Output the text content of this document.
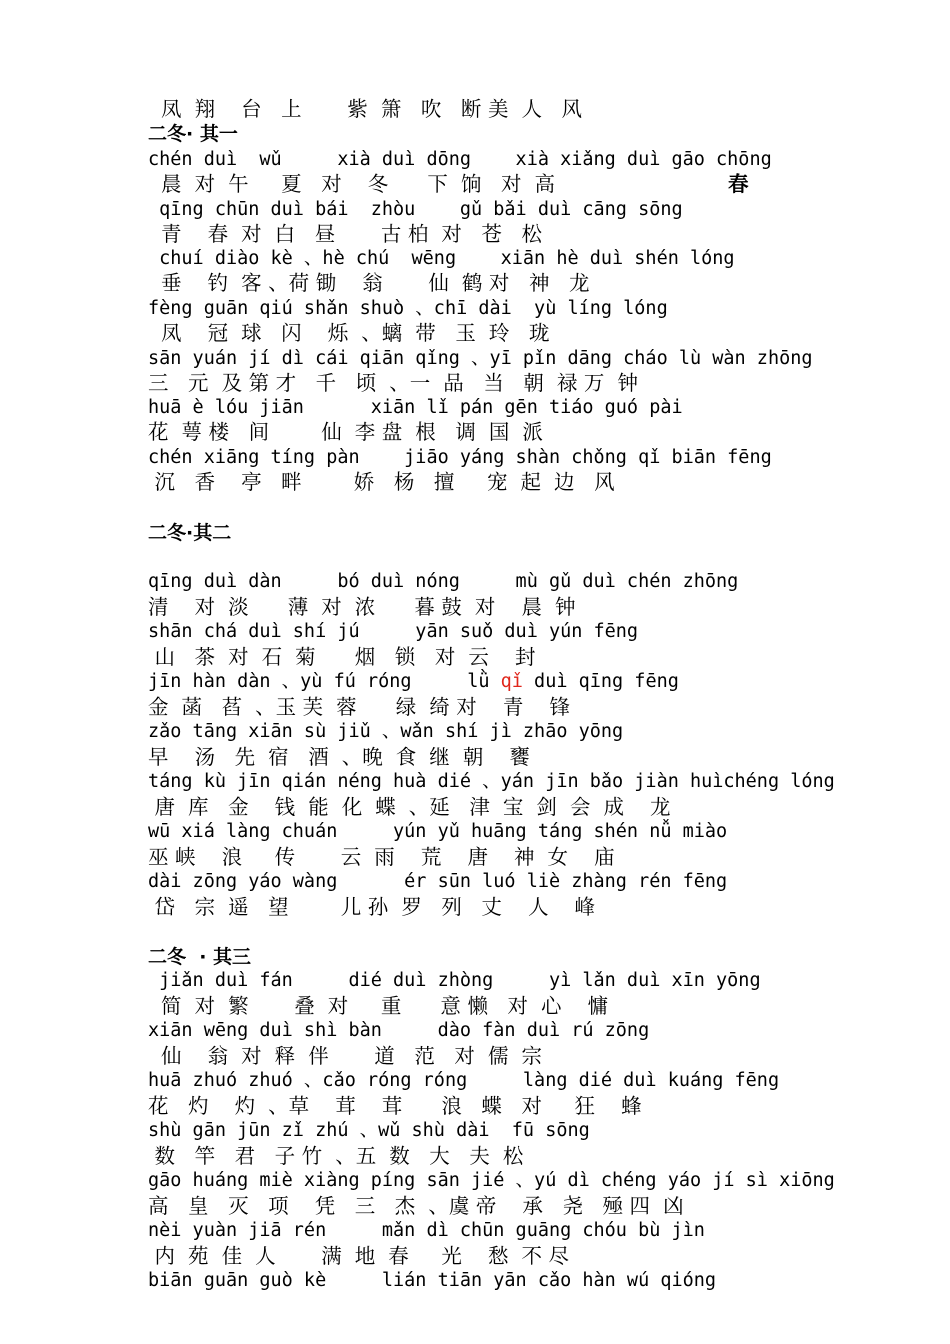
凤  翔    台   上       紫  箫   吹   断 美  人   风
二冬· 其一
chén duì  wǔ     xià duì dōng    xià xiǎng duì gāo chōng
晨  对  午     夏   对    冬      下  饷   对  高	春
qīng chūn duì bái  zhòu    gǔ bǎi duì cāng sōng
青    春  对  白   昼       古 柏  对   苍   松
chuí diào kè 、hè chú  wēng    xiān hè duì shén lóng
垂    钓  客 、荷 锄    翁       仙  鹤 对   神   龙
fèng guān qiú shǎn shuò 、chī dài  yù líng lóng
凤    冠  球   闪    烁  、螭  带   玉  玲   珑
sān yuán jí dì cái qiān qǐng 、yī pǐn dāng cháo lù wàn zhōng
三   元  及 第 才   千   顷  、一  品   当   朝  禄 万  钟
huā è lóu jiān      xiān lǐ pán gēn tiáo guó pài
花  萼 楼   间        仙  李 盘  根   调  国  派
chén xiāng tíng pàn    jiāo yáng shàn chǒng qǐ biān fēng
沉   香    亭   畔        娇   杨   擅     宠  起  边   风
二冬·其二
qīng duì dàn     bó duì nóng     mù gǔ duì chén zhōng
清    对  淡      薄  对  浓      暮 鼓  对    晨  钟
shān chá duì shí jú     yān suǒ duì yún fēng
山   茶  对  石  菊      烟   锁   对  云    封
jīn hàn dàn 、yù fú róng     lǜ qǐ duì qīng fēng
金  菡   萏  、玉 芙  蓉      绿  绮 对    青    锋
zǎo tāng xiān sù jiǔ 、wǎn shí jì zhāo yōng
早    汤   先  宿   酒  、晚  食  继  朝    饔
táng kù jīn qián néng huà dié 、yán jīn bǎo jiàn huìchéng lóng
唐  库   金    钱  能  化  蝶  、延   津  宝  剑  会  成    龙
wū xiá làng chuán     yún yǔ huāng táng shén nǚ miào
巫 峡    浪     传       云  雨    荒    唐    神  女    庙
dài zōng yáo wàng      ér sūn luó liè zhàng rén fēng
岱   宗  遥   望        儿 孙  罗   列   丈    人    峰
二冬  · 其三
jiǎn duì fán     dié duì zhòng     yì lǎn duì xīn yōng
简  对  繁       叠  对     重      意 懒   对  心    慵
xiān wēng duì shì bàn     dào fàn duì rú zōng
仙    翁  对  释  伴       道   范   对  儒  宗
huā zhuó zhuó 、cǎo róng róng     làng dié duì kuáng fēng
花   灼    灼  、草    茸    茸      浪   蝶   对     狂    蜂
shù gān jūn zǐ zhú 、wǔ shù dài  fū sōng
数   竿   君   子 竹  、五  数   大   夫  松
gāo huáng miè xiàng píng sān jié 、yú dì chéng yáo jí sì xiōng
高   皇   灭   项    凭   三   杰  、虞 帝    承   尧   殛 四  凶
nèi yuàn jiā rén     mǎn dì chūn guāng chóu bù jìn
内  苑  佳  人       满  地  春     光    愁  不 尽
biān guān guò kè     lián tiān yān cǎo hàn wú qióng
